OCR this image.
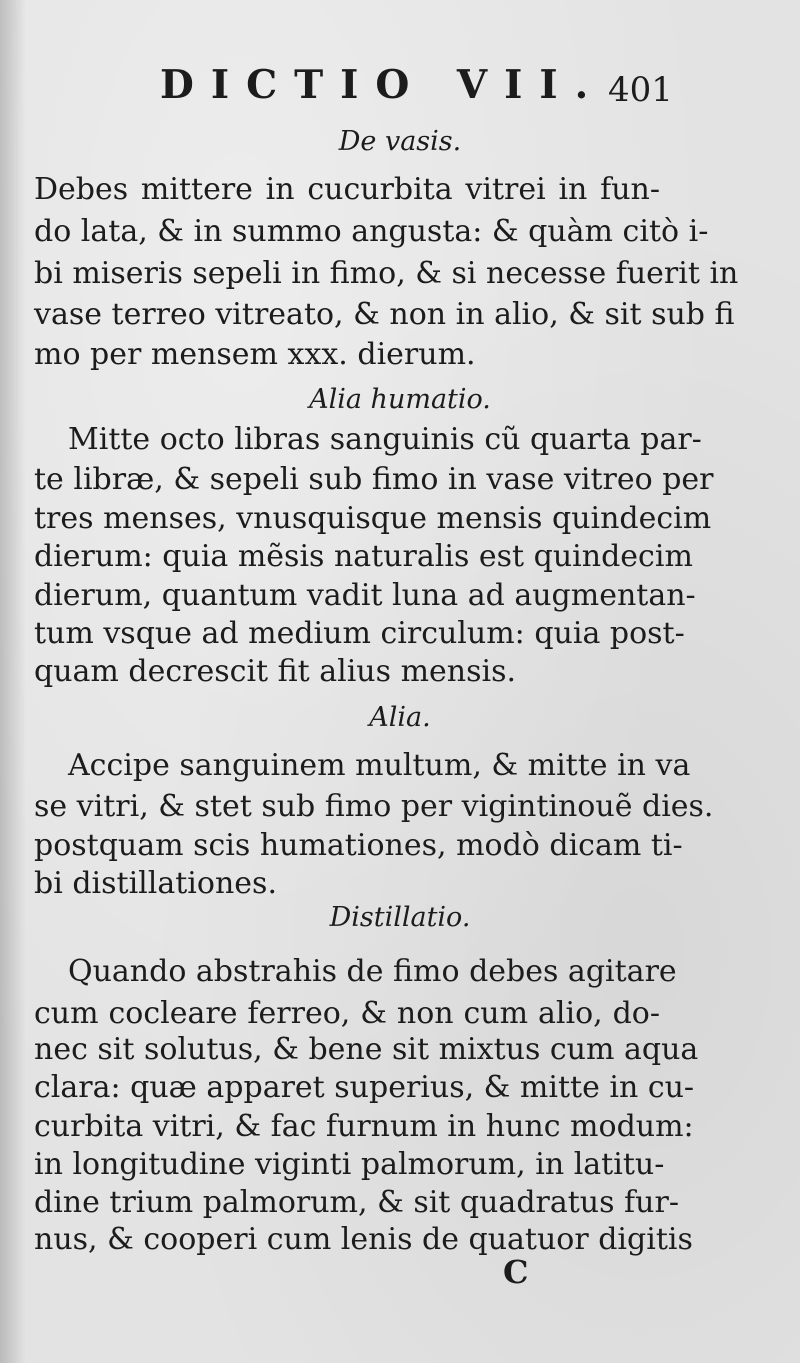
DICTIO VII. 401
De vasis.
Debes mittere in cucurbita vitrei in fun-
do lata, & in summo angusta: & quàm citò i-
bi miseris sepeli in fimo, & si necesse fuerit in
vase terreo vitreato, & non in alio, & sit sub fi
mo per mensem xxx. dierum.
Alia humatio.
Mitte octo libras sanguinis cũ quarta par-
te libræ, & sepeli sub fimo in vase vitreo per
tres menses, vnusquisque mensis quindecim
dierum: quia mẽsis naturalis est quindecim
dierum, quantum vadit luna ad augmentan-
tum vsque ad medium circulum: quia post-
quam decrescit fit alius mensis.
Alia.
Accipe sanguinem multum, & mitte in va
se vitri, & stet sub fimo per vigintinouẽ dies.
postquam scis humationes, modò dicam ti-
bi distillationes.
Distillatio.
Quando abstrahis de fimo debes agitare
cum cocleare ferreo, & non cum alio, do-
nec sit solutus, & bene sit mixtus cum aqua
clara: quæ apparet superius, & mitte in cu-
curbita vitri, & fac furnum in hunc modum:
in longitudine viginti palmorum, in latitu-
dine trium palmorum, & sit quadratus fur-
nus, & cooperi cum lenis de quatuor digitis
C
